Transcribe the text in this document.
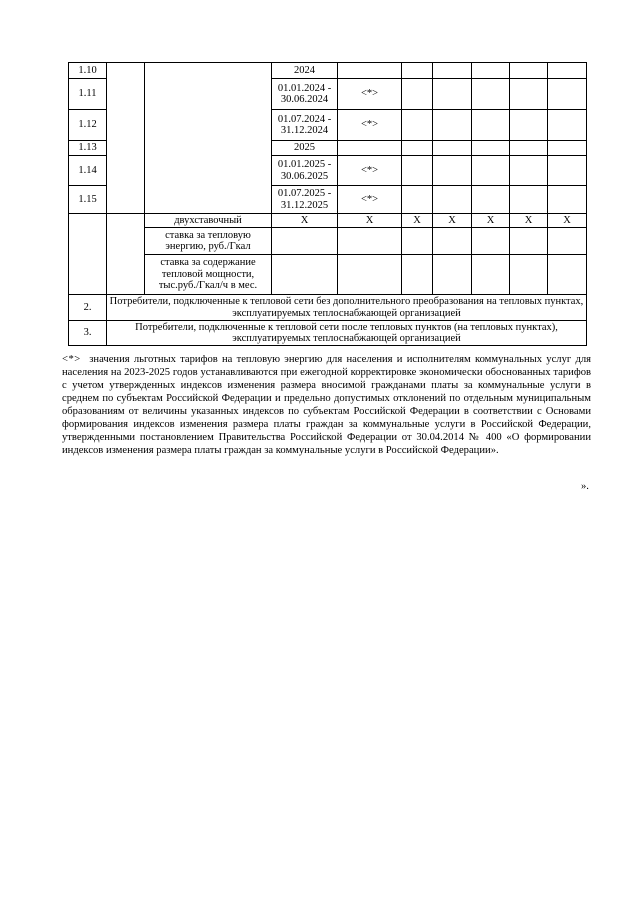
1.10			2024						
1.11			01.01.2024 - 30.06.2024	<*>					
1.12			01.07.2024 - 31.12.2024	<*>					
1.13			2025						
1.14			01.01.2025 - 30.06.2025	<*>					
1.15			01.07.2025 - 31.12.2025	<*>					
		двухставочный	X	X	X	X	X	X	X
		ставка за тепловую энергию, руб./Гкал							
		ставка за содержание тепловой мощности, тыс.руб./Гкал/ч в мес.							
2.	Потребители, подключенные к тепловой сети без дополнительного преобразования на тепловых пунктах, эксплуатируемых теплоснабжающей организацией								
3.	Потребители, подключенные к тепловой сети после тепловых пунктов (на тепловых пунктах), эксплуатируемых теплоснабжающей организацией								

<*> значения льготных тарифов на тепловую энергию для населения и исполнителям коммунальных услуг для населения на 2023-2025 годов устанавливаются при ежегодной корректировке экономически обоснованных тарифов с учетом утвержденных индексов изменения размера вносимой гражданами платы за коммунальные услуги в среднем по субъектам Российской Федерации и предельно допустимых отклонений по отдельным муниципальным образованиям от величины указанных индексов по субъектам Российской Федерации в соответствии с Основами формирования индексов изменения размера платы граждан за коммунальные услуги в Российской Федерации, утвержденными постановлением Правительства Российской Федерации от 30.04.2014 № 400 «О формировании индексов изменения размера платы граждан за коммунальные услуги в Российской Федерации».

».
